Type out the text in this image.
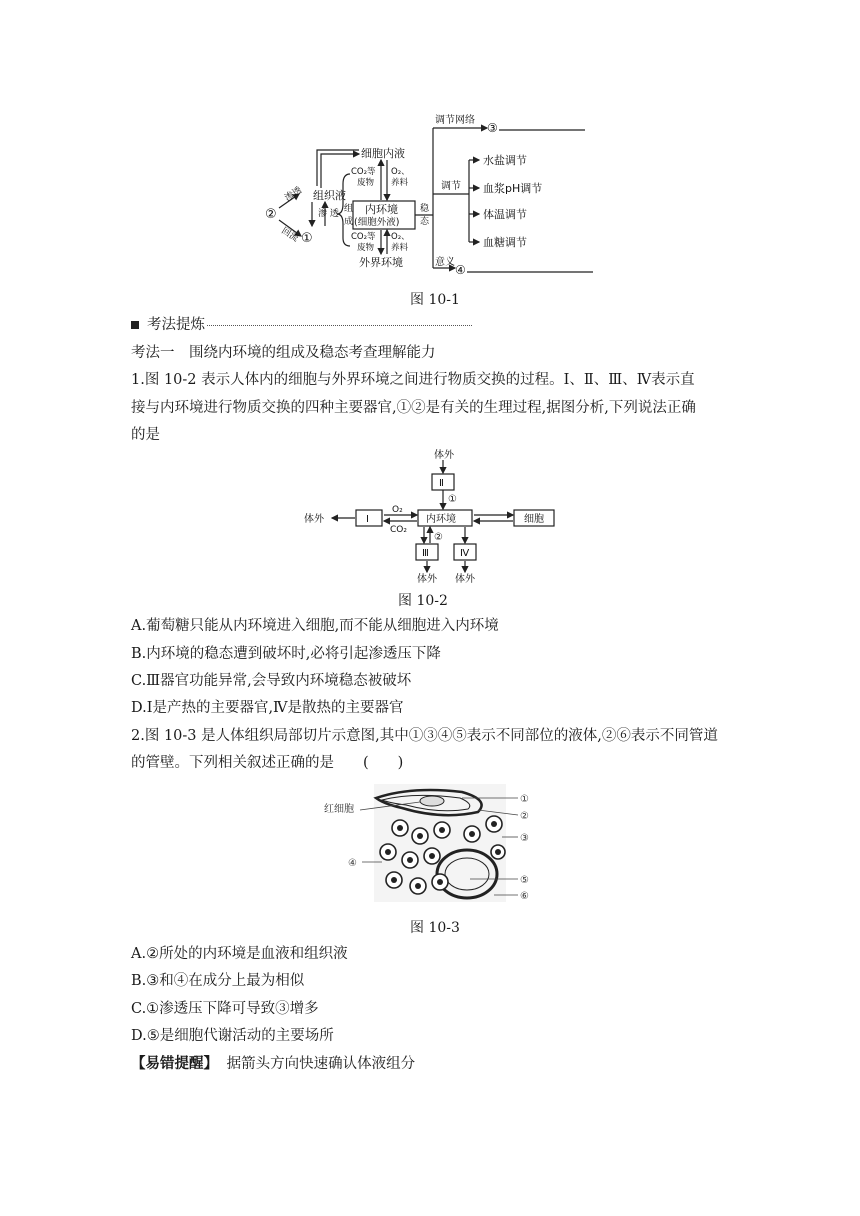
调节网络
③
细胞内液
CO₂等
废物
O₂、
养料
渗透 组织液
②	渗 透
回流 ①
组
成
内环境
(细胞外液)
稳
态
CO₂等
废物
O₂、
养料
外界环境
调节
水盐调节
血浆pH调节
体温调节
血糖调节
意义
④
图 10-1
考法提炼
考法一　围绕内环境的组成及稳态考查理解能力
1.图 10-2 表示人体内的细胞与外界环境之间进行物质交换的过程。Ⅰ、Ⅱ、Ⅲ、Ⅳ表示直
接与内环境进行物质交换的四种主要器官,①②是有关的生理过程,据图分析,下列说法正确
的是
体外
Ⅱ
①
体外	Ⅰ
O₂
CO₂
内环境	细胞
②
Ⅲ	Ⅳ
体外 体外
图 10-2
A.葡萄糖只能从内环境进入细胞,而不能从细胞进入内环境
B.内环境的稳态遭到破坏时,必将引起渗透压下降
C.Ⅲ器官功能异常,会导致内环境稳态被破坏
D.Ⅰ是产热的主要器官,Ⅳ是散热的主要器官
2.图 10-3 是人体组织局部切片示意图,其中①③④⑤表示不同部位的液体,②⑥表示不同管道
的管壁。下列相关叙述正确的是　　(　　)
红细胞
①
②
③
④
⑤
⑥
图 10-3
A.②所处的内环境是血液和组织液
B.③和④在成分上最为相似
C.①渗透压下降可导致③增多
D.⑤是细胞代谢活动的主要场所
【易错提醒】 据箭头方向快速确认体液组分
